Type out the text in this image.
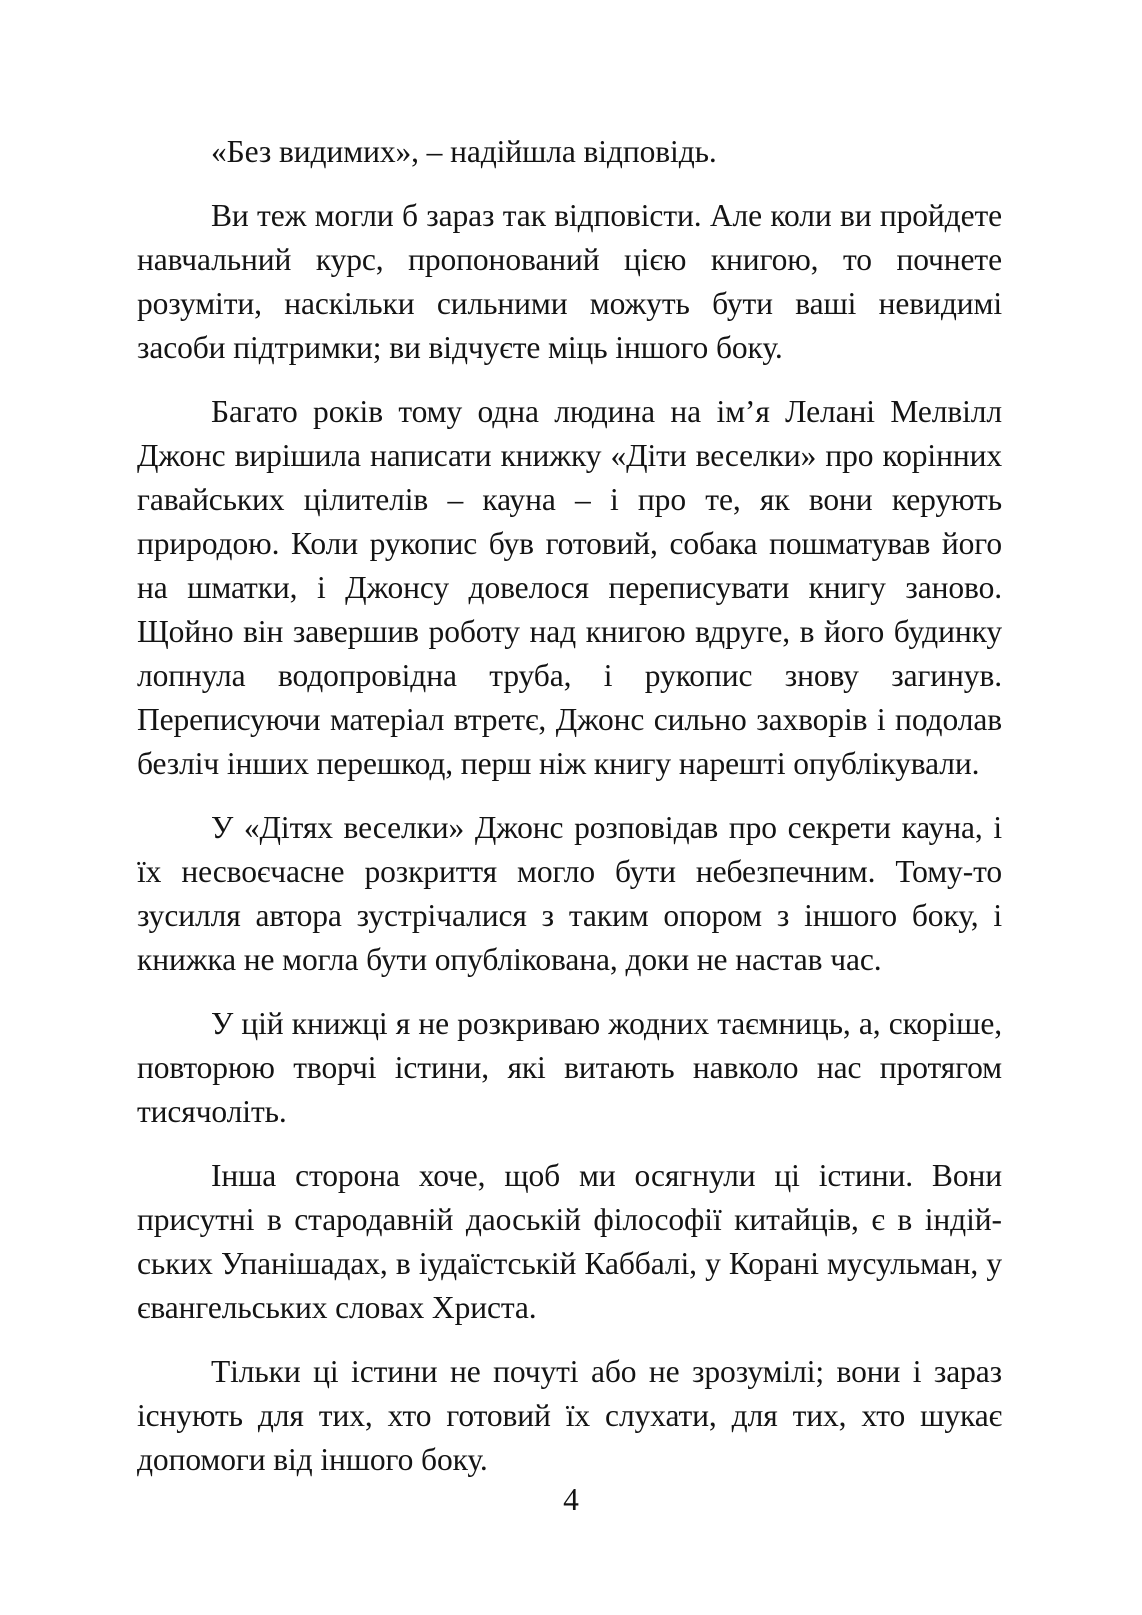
«Без видимих», – надійшла відповідь.

Ви теж могли б зараз так відповісти. Але коли ви пройдете навчальний курс, пропонований цією книгою, то почнете розуміти, наскільки сильними можуть бути ваші невидимі засоби підтримки; ви відчуєте міць іншого боку.

Багато років тому одна людина на ім’я Лелані Мелвілл Джонс вирішила написати книжку «Діти веселки» про корінних гавайських цілителів – кауна – і про те, як вони керують природою. Коли рукопис був готовий, собака пошматував його на шматки, і Джонсу довелося переписувати книгу заново. Щойно він завершив роботу над книгою вдруге, в його будинку лопнула водопровідна труба, і рукопис знову загинув. Переписуючи матеріал втретє, Джонс сильно захворів і подолав безліч інших перешкод, перш ніж книгу нарешті опублікували.

У «Дітях веселки» Джонс розповідав про секрети кауна, і їх несвоєчасне розкриття могло бути небезпечним. Тому-то зусилля автора зустрічалися з таким опором з іншого боку, і книжка не могла бути опублікована, доки не настав час.

У цій книжці я не розкриваю жодних таємниць, а, скоріше, повторюю творчі істини, які витають навколо нас протягом тисячоліть.

Інша сторона хоче, щоб ми осягнули ці істини. Вони присутні в стародавній даоській філософії китайців, є в індійських Упанішадах, в іудаїстській Каббалі, у Корані мусульман, у євангельських словах Христа.

Тільки ці істини не почуті або не зрозумілі; вони і зараз існують для тих, хто готовий їх слухати, для тих, хто шукає допомоги від іншого боку.

4
